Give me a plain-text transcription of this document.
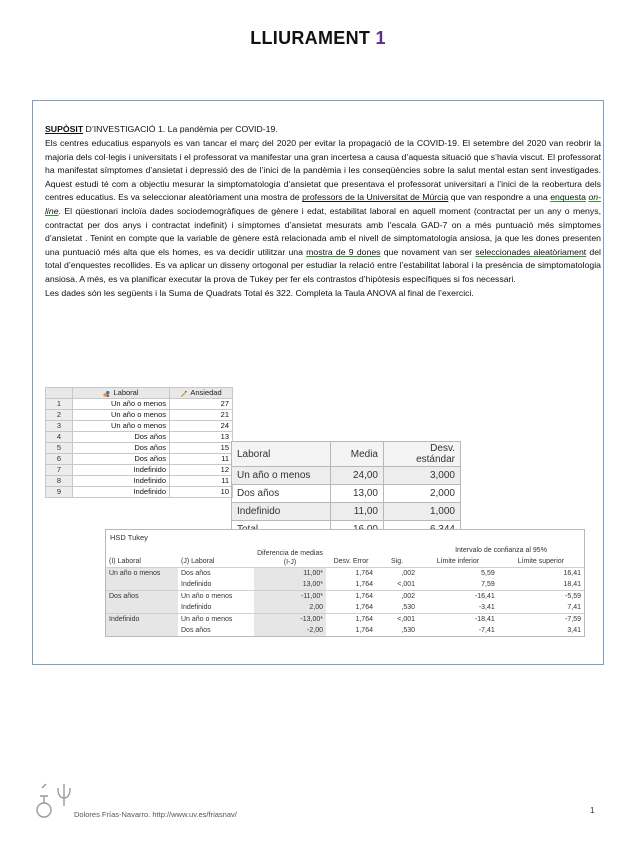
LLIURAMENT 1

SUPÒSIT D’INVESTIGACIÓ 1. La pandèmia per COVID-19.

Els centres educatius espanyols es van tancar el març del 2020 per evitar la propagació de la COVID-19. El setembre del 2020 van reobrir la majoria dels col·legis i universitats i el professorat va manifestar una gran incertesa a causa d’aquesta situació que s’havia viscut. El professorat ha manifestat símptomes d’ansietat i depressió des de l’inici de la pandèmia i les conseqüències sobre la salut mental estan sent investigades. Aquest estudi té com a objectiu mesurar la simptomatologia d’ansietat que presentava el professorat universitari a l’inici de la reobertura dels centres educatius. Es va seleccionar aleatòriament una mostra de professors de la Universitat de Múrcia que van respondre a una enquesta on-line. El qüestionari incloïa dades sociodemogràfiques de gènere i edat, estabilitat laboral en aquell moment (contractat per un any o menys, contractat per dos anys i contractat indefinit) i símptomes d’ansietat mesurats amb l’escala GAD-7 on a més puntuació més símptomes d’ansietat . Tenint en compte que la variable de gènere està relacionada amb el nivell de simptomatologia ansiosa, ja que les dones presenten una puntuació més alta que els homes, es va decidir utilitzar una mostra de 9 dones que novament van ser seleccionades aleatòriament del total d’enquestes recollides. Es va aplicar un disseny ortogonal per estudiar la relació entre l’estabilitat laboral i la presència de simptomatologia ansiosa. A més, es va planificar executar la prova de Tukey per fer els contrastos d’hipòtesis específiques si fos necessari.

Les dades són les següents i la Suma de Quadrats Total és 322. Completa la Taula ANOVA al final de l’exercici.

	Laboral	Ansiedad
1	Un año o menos	27
2	Un año o menos	21
3	Un año o menos	24
4	Dos años	13
5	Dos años	15
6	Dos años	11
7	Indefinido	12
8	Indefinido	11
9	Indefinido	10
Laboral	Media	Desv. estándar
Un año o menos	24,00	3,000
Dos años	13,00	2,000
Indefinido	11,00	1,000

HSD Tukey
(I) Laboral	(J) Laboral	Diferencia de medias (I-J)	Desv. Error	Sig.	Intervalo de confianza al 95%	
					Límite inferior	Límite superior
Un año o menos	Dos años	11,00*	1,764	,002	5,59	16,41
	Indefinido	13,00*	1,764	<,001	7,59	18,41
Dos años	Un año o menos	-11,00*	1,764	,002	-16,41	-5,59
	Indefinido	2,00	1,764	,530	-3,41	7,41
Indefinido	Un año o menos	-13,00*	1,764	<,001	-18,41	-7,59
	Dos años	-2,00	1,764	,530	-7,41	3,41
Dolores Frías-Navarro. http://www.uv.es/friasnav/	1
